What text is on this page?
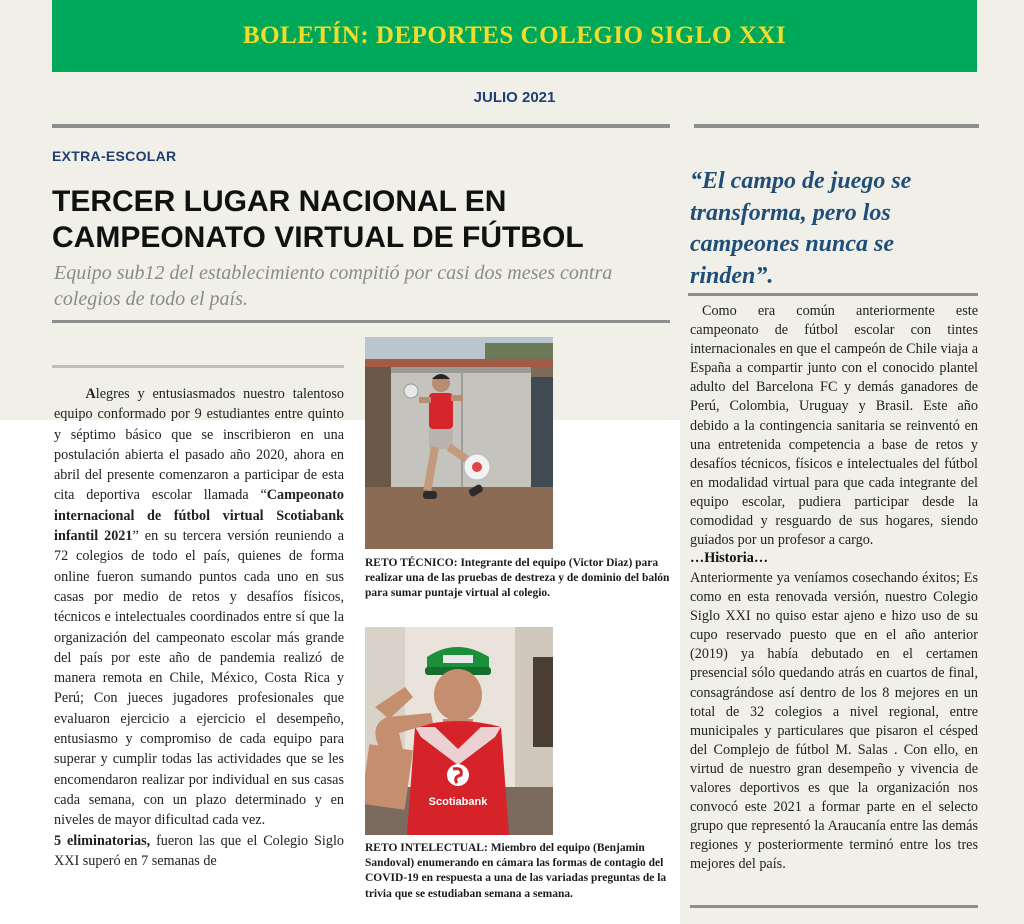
BOLETÍN: DEPORTES COLEGIO SIGLO XXI
JULIO 2021
EXTRA-ESCOLAR
TERCER LUGAR NACIONAL EN
CAMPEONATO VIRTUAL DE FÚTBOL

Equipo sub12 del establecimiento compitió por casi dos meses contra colegios de todo el país.

Alegres y entusiasmados nuestro talentoso equipo conformado por 9 estudiantes entre quinto y séptimo básico que se inscribieron en una postulación abierta el pasado año 2020, ahora en abril del presente comenzaron a participar de esta cita deportiva escolar llamada “Campeonato internacional de fútbol virtual Scotiabank infantil 2021” en su tercera versión reuniendo a 72 colegios de todo el país, quienes de forma online fueron sumando puntos cada uno en sus casas por medio de retos y desafíos físicos, técnicos e intelectuales coordinados entre sí que la organización del campeonato escolar más grande del país por este año de pandemia realizó de manera remota en Chile, México, Costa Rica y Perú; Con jueces jugadores profesionales que evaluaron ejercicio a ejercicio el desempeño, entusiasmo y compromiso de cada equipo para superar y cumplir todas las actividades que se les encomendaron realizar por individual en sus casas cada semana, con un plazo determinado y en niveles de mayor dificultad cada vez.
5 eliminatorias, fueron las que el Colegio Siglo XXI superó en 7 semanas de

RETO TÉCNICO: Integrante del equipo (Victor Diaz) para realizar una de las pruebas de destreza y de dominio del balón para sumar puntaje virtual al colegio.

Scotiabank

RETO INTELECTUAL: Miembro del equipo (Benjamin Sandoval) enumerando en cámara las formas de contagio del COVID-19 en respuesta a una de las variadas preguntas de la trivia que se estudiaban semana a semana.

“El campo de juego se transforma, pero los campeones nunca se rinden”.

Como era común anteriormente este campeonato de fútbol escolar con tintes internacionales en que el campeón de Chile viaja a España a compartir junto con el conocido plantel adulto del Barcelona FC y demás ganadores de Perú, Colombia, Uruguay y Brasil. Este año debido a la contingencia sanitaria se reinventó en una entretenida competencia a base de retos y desafíos técnicos, físicos e intelectuales del fútbol en modalidad virtual para que cada integrante del equipo escolar, pudiera participar desde la comodidad y resguardo de sus hogares, siendo guiados por un profesor a cargo.

…Historia…

Anteriormente ya veníamos cosechando éxitos; Es como en esta renovada versión, nuestro Colegio Siglo XXI no quiso estar ajeno e hizo uso de su cupo reservado puesto que en el año anterior (2019) ya había debutado en el certamen presencial sólo quedando atrás en cuartos de final, consagrándose así dentro de los 8 mejores en un total de 32 colegios a nivel regional, entre municipales y particulares que pisaron el césped del Complejo de fútbol M. Salas . Con ello, en virtud de nuestro gran desempeño y vivencia de valores deportivos es que la organización nos convocó este 2021 a formar parte en el selecto grupo que representó la Araucanía entre las demás regiones y posteriormente terminó entre los tres mejores del país.
